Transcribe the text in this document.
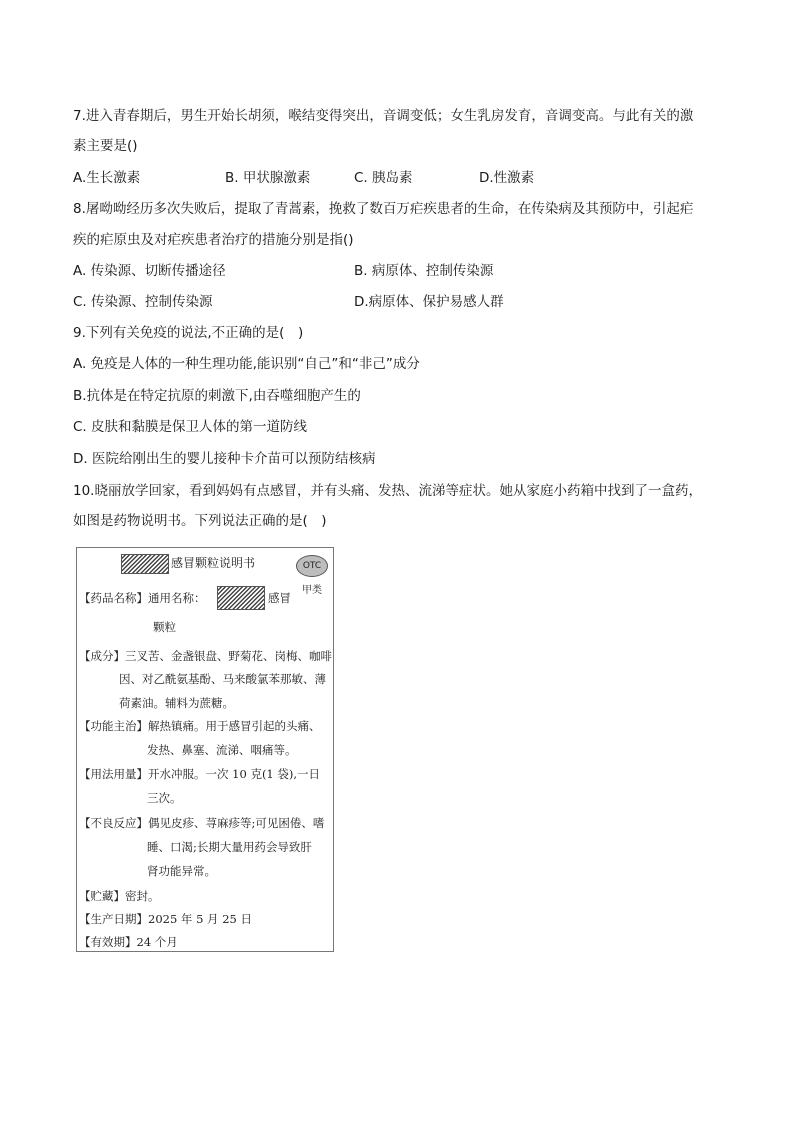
7.进入青春期后，男生开始长胡须，喉结变得突出，音调变低；女生乳房发育，音调变高。与此有关的激
素主要是()
A.生长激素	B. 甲状腺激素	C. 胰岛素	D.性激素
8.屠呦呦经历多次失败后，提取了青蒿素，挽救了数百万疟疾患者的生命，在传染病及其预防中，引起疟
疾的疟原虫及对疟疾患者治疗的措施分别是指()
A. 传染源、切断传播途径	B. 病原体、控制传染源
C. 传染源、控制传染源	D.病原体、保护易感人群
9.下列有关免疫的说法,不正确的是(　)
A. 免疫是人体的一种生理功能,能识别“自己”和“非己”成分
B.抗体是在特定抗原的刺激下,由吞噬细胞产生的
C. 皮肤和黏膜是保卫人体的第一道防线
D. 医院给刚出生的婴儿接种卡介苗可以预防结核病
10.晓丽放学回家，看到妈妈有点感冒，并有头痛、发热、流涕等症状。她从家庭小药箱中找到了一盒药，
如图是药物说明书。下列说法正确的是(　)
感冒颗粒说明书	OTC
甲类
【药品名称】通用名称：	感冒
颗粒
【成分】三叉苦、金盏银盘、野菊花、岗梅、咖啡
因、对乙酰氨基酚、马来酸氯苯那敏、薄
荷素油。辅料为蔗糖。
【功能主治】解热镇痛。用于感冒引起的头痛、
发热、鼻塞、流涕、咽痛等。
【用法用量】开水冲服。一次 10 克(1 袋),一日
三次。
【不良反应】偶见皮疹、荨麻疹等;可见困倦、嗜
睡、口渴;长期大量用药会导致肝
肾功能异常。
【贮藏】密封。
【生产日期】2025 年 5 月 25 日
【有效期】24 个月
